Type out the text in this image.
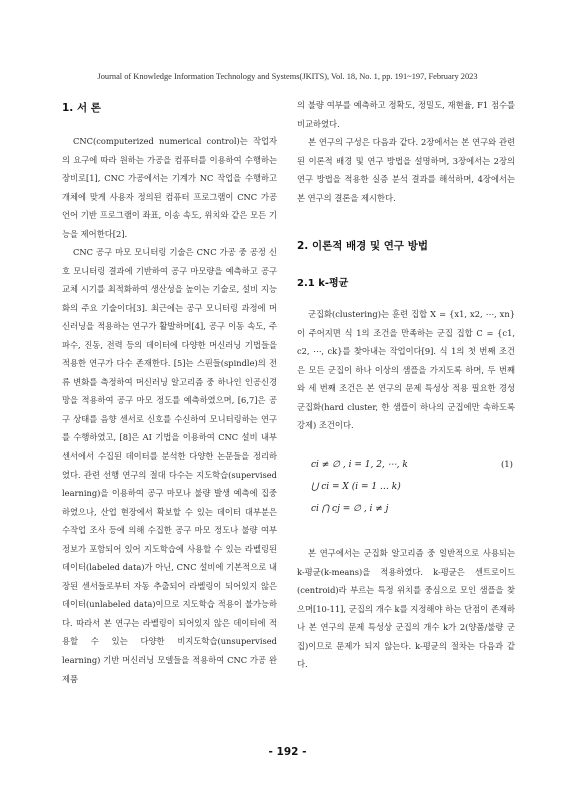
Journal of Knowledge Information Technology and Systems(JKITS), Vol. 18, No. 1, pp. 191~197, February 2023
1. 서 론
CNC(computerized numerical control)는 작업자의 요구에 따라 원하는 가공을 컴퓨터를 이용하여 수행하는 장비로[1], CNC 가공에서는 기계가 NC 작업을 수행하고 개체에 맞게 사용자 정의된 컴퓨터 프로그램이 CNC 가공 언어 기반 프로그램이 좌표, 이송 속도, 위치와 같은 모든 기능을 제어한다[2].
CNC 공구 마모 모니터링 기술은 CNC 가공 중 공정 신호 모니터링 결과에 기반하여 공구 마모량을 예측하고 공구 교체 시기를 최적화하여 생산성을 높이는 기술로, 설비 지능화의 주요 기술이다[3]. 최근에는 공구 모니터링 과정에 머신러닝을 적용하는 연구가 활발하며[4], 공구 이동 속도, 주파수, 진동, 전력 등의 데이터에 다양한 머신러닝 기법들을 적용한 연구가 다수 존재한다. [5]는 스핀들(spindle)의 전류 변화를 측정하여 머신러닝 알고리즘 중 하나인 인공신경망을 적용하여 공구 마모 정도를 예측하였으며, [6,7]은 공구 상태를 음향 센서로 신호를 수신하여 모니터링하는 연구를 수행하였고, [8]은 AI 기법을 이용하여 CNC 설비 내부 센서에서 수집된 데이터를 분석한 다양한 논문들을 정리하였다. 관련 선행 연구의 절대 다수는 지도학습(supervised learning)을 이용하여 공구 마모나 불량 발생 예측에 집중하였으나, 산업 현장에서 확보할 수 있는 데이터 대부분은 수작업 조사 등에 의해 수집한 공구 마모 정도나 불량 여부 정보가 포함되어 있어 지도학습에 사용할 수 있는 라벨링된 데이터(labeled data)가 아닌, CNC 설비에 기본적으로 내장된 센서들로부터 자동 추출되어 라벨링이 되어있지 않은 데이터(unlabeled data)이므로 지도학습 적용이 불가능하다. 따라서 본 연구는 라벨링이 되어있지 않은 데이터에 적용할 수 있는 다양한 비지도학습(unsupervised learning) 기반 머신러닝 모델들을 적용하여 CNC 가공 완제품
의 불량 여부를 예측하고 정확도, 정밀도, 재현율, F1 점수를 비교하였다.
본 연구의 구성은 다음과 같다. 2장에서는 본 연구와 관련된 이론적 배경 및 연구 방법을 설명하며, 3장에서는 2장의 연구 방법을 적용한 실증 분석 결과를 해석하며, 4장에서는 본 연구의 결론을 제시한다.
2. 이론적 배경 및 연구 방법
2.1 k-평균
군집화(clustering)는 훈련 집합 X = {x1, x2, ⋯, xn}이 주어지면 식 1의 조건을 만족하는 군집 집합 C = {c1, c2, ⋯, ck}를 찾아내는 작업이다[9]. 식 1의 첫 번째 조건은 모든 군집이 하나 이상의 샘플을 가지도록 하며, 두 번째와 세 번째 조건은 본 연구의 문제 특성상 적용 필요한 경성 군집화(hard cluster, 한 샘플이 하나의 군집에만 속하도록 강제) 조건이다.
ci ≠ ∅ , i = 1, 2, ⋯, k
⋃ ci = X (i = 1 … k)
ci ⋂ cj = ∅ , i ≠ j
(1)
본 연구에서는 군집화 알고리즘 중 일반적으로 사용되는 k-평균(k-means)을 적용하였다. k-평균은 센트로이드(centroid)라 부르는 특정 위치를 중심으로 모인 샘플을 찾으며[10-11], 군집의 개수 k를 지정해야 하는 단점이 존재하나 본 연구의 문제 특성상 군집의 개수 k가 2(양품/불량 군집)이므로 문제가 되지 않는다. k-평균의 절차는 다음과 같다.
- 192 -
